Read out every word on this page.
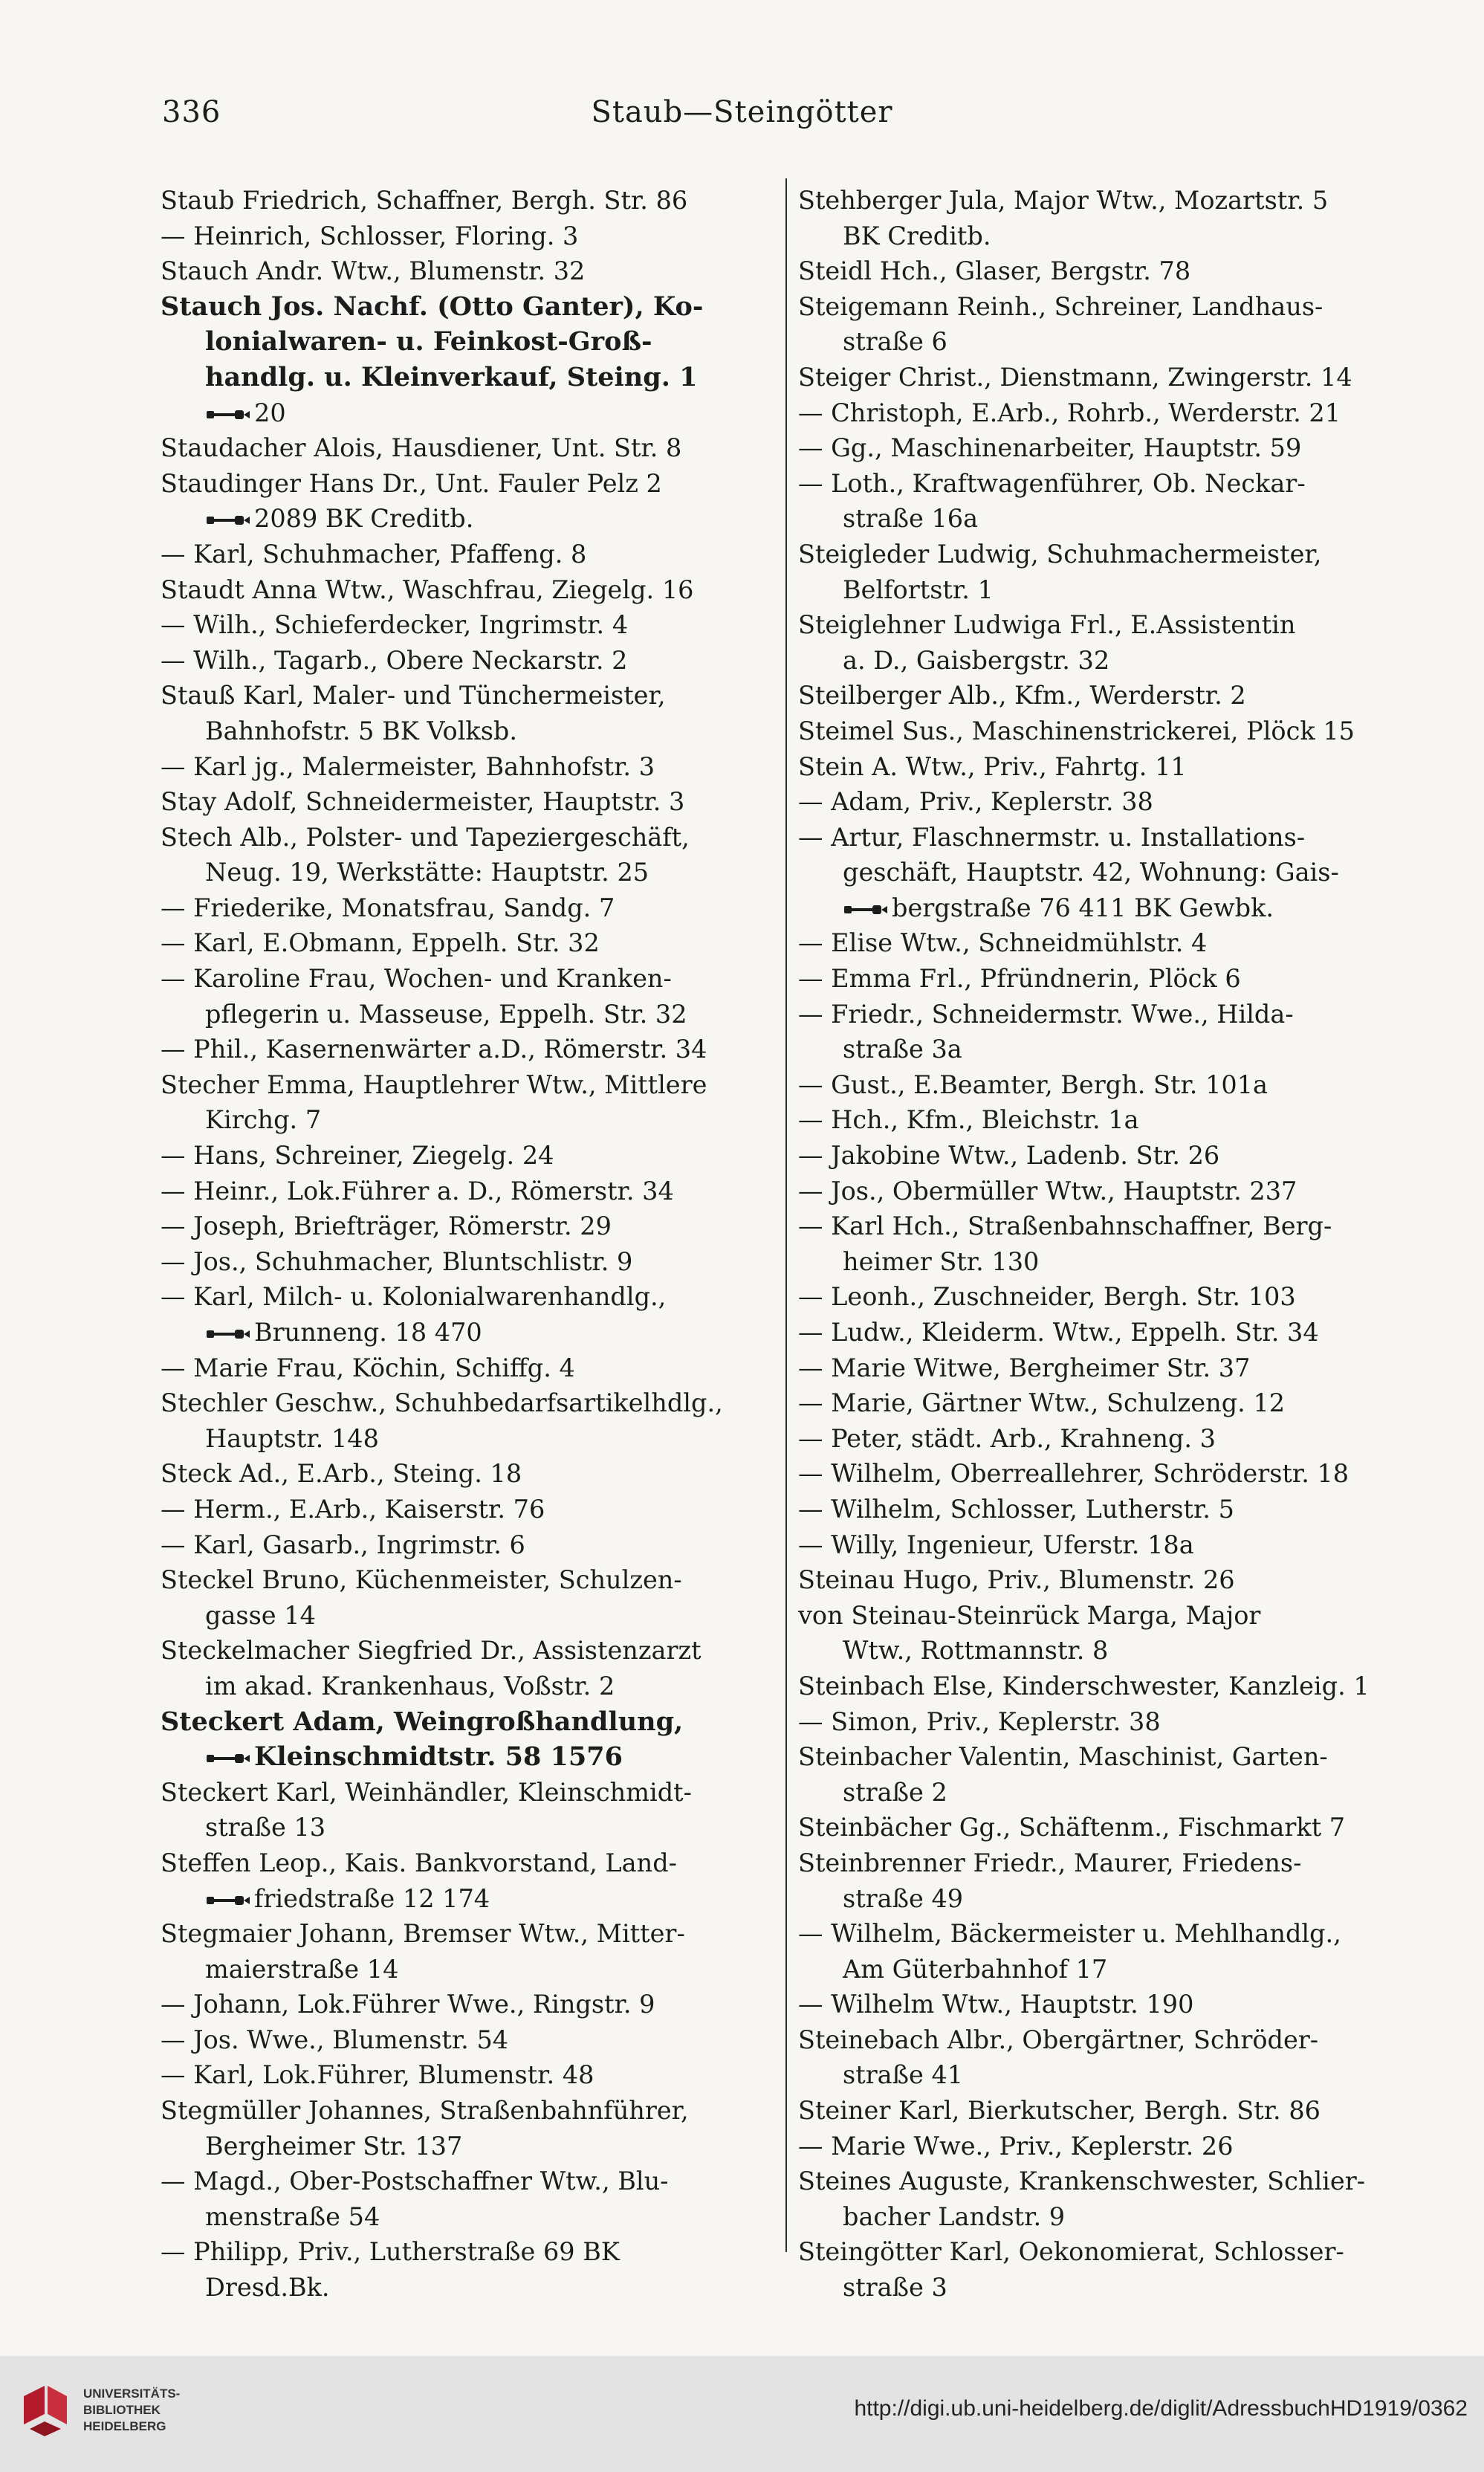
336	Staub—Steingötter
Staub Friedrich, Schaffner, Bergh. Str. 86
— Heinrich, Schlosser, Floring. 3
Stauch Andr. Wtw., Blumenstr. 32
Stauch Jos. Nachf. (Otto Ganter), Ko-
lonialwaren- u. Feinkost-Groß-
handlg. u. Kleinverkauf, Steing. 1
20
Staudacher Alois, Hausdiener, Unt. Str. 8
Staudinger Hans Dr., Unt. Fauler Pelz 2
2089 BK Creditb.
— Karl, Schuhmacher, Pfaffeng. 8
Staudt Anna Wtw., Waschfrau, Ziegelg. 16
— Wilh., Schieferdecker, Ingrimstr. 4
— Wilh., Tagarb., Obere Neckarstr. 2
Stauß Karl, Maler- und Tünchermeister,
Bahnhofstr. 5 BK Volksb.
— Karl jg., Malermeister, Bahnhofstr. 3
Stay Adolf, Schneidermeister, Hauptstr. 3
Stech Alb., Polster- und Tapeziergeschäft,
Neug. 19, Werkstätte: Hauptstr. 25
— Friederike, Monatsfrau, Sandg. 7
— Karl, E.Obmann, Eppelh. Str. 32
— Karoline Frau, Wochen- und Kranken-
pflegerin u. Masseuse, Eppelh. Str. 32
— Phil., Kasernenwärter a.D., Römerstr. 34
Stecher Emma, Hauptlehrer Wtw., Mittlere
Kirchg. 7
— Hans, Schreiner, Ziegelg. 24
— Heinr., Lok.Führer a. D., Römerstr. 34
— Joseph, Briefträger, Römerstr. 29
— Jos., Schuhmacher, Bluntschlistr. 9
— Karl, Milch- u. Kolonialwarenhandlg.,
Brunneng. 18 470
— Marie Frau, Köchin, Schiffg. 4
Stechler Geschw., Schuhbedarfsartikelhdlg.,
Hauptstr. 148
Steck Ad., E.Arb., Steing. 18
— Herm., E.Arb., Kaiserstr. 76
— Karl, Gasarb., Ingrimstr. 6
Steckel Bruno, Küchenmeister, Schulzen-
gasse 14
Steckelmacher Siegfried Dr., Assistenzarzt
im akad. Krankenhaus, Voßstr. 2
Steckert Adam, Weingroßhandlung,
Kleinschmidtstr. 58 1576
Steckert Karl, Weinhändler, Kleinschmidt-
straße 13
Steffen Leop., Kais. Bankvorstand, Land-
friedstraße 12 174
Stegmaier Johann, Bremser Wtw., Mitter-
maierstraße 14
— Johann, Lok.Führer Wwe., Ringstr. 9
— Jos. Wwe., Blumenstr. 54
— Karl, Lok.Führer, Blumenstr. 48
Stegmüller Johannes, Straßenbahnführer,
Bergheimer Str. 137
— Magd., Ober-Postschaffner Wtw., Blu-
menstraße 54
— Philipp, Priv., Lutherstraße 69 BK
Dresd.Bk.
Stehberger Jula, Major Wtw., Mozartstr. 5
BK Creditb.
Steidl Hch., Glaser, Bergstr. 78
Steigemann Reinh., Schreiner, Landhaus-
straße 6
Steiger Christ., Dienstmann, Zwingerstr. 14
— Christoph, E.Arb., Rohrb., Werderstr. 21
— Gg., Maschinenarbeiter, Hauptstr. 59
— Loth., Kraftwagenführer, Ob. Neckar-
straße 16a
Steigleder Ludwig, Schuhmachermeister,
Belfortstr. 1
Steiglehner Ludwiga Frl., E.Assistentin
a. D., Gaisbergstr. 32
Steilberger Alb., Kfm., Werderstr. 2
Steimel Sus., Maschinenstrickerei, Plöck 15
Stein A. Wtw., Priv., Fahrtg. 11
— Adam, Priv., Keplerstr. 38
— Artur, Flaschnermstr. u. Installations-
geschäft, Hauptstr. 42, Wohnung: Gais-
bergstraße 76 411 BK Gewbk.
— Elise Wtw., Schneidmühlstr. 4
— Emma Frl., Pfründnerin, Plöck 6
— Friedr., Schneidermstr. Wwe., Hilda-
straße 3a
— Gust., E.Beamter, Bergh. Str. 101a
— Hch., Kfm., Bleichstr. 1a
— Jakobine Wtw., Ladenb. Str. 26
— Jos., Obermüller Wtw., Hauptstr. 237
— Karl Hch., Straßenbahnschaffner, Berg-
heimer Str. 130
— Leonh., Zuschneider, Bergh. Str. 103
— Ludw., Kleiderm. Wtw., Eppelh. Str. 34
— Marie Witwe, Bergheimer Str. 37
— Marie, Gärtner Wtw., Schulzeng. 12
— Peter, städt. Arb., Krahneng. 3
— Wilhelm, Oberreallehrer, Schröderstr. 18
— Wilhelm, Schlosser, Lutherstr. 5
— Willy, Ingenieur, Uferstr. 18a
Steinau Hugo, Priv., Blumenstr. 26
von Steinau-Steinrück Marga, Major
Wtw., Rottmannstr. 8
Steinbach Else, Kinderschwester, Kanzleig. 1
— Simon, Priv., Keplerstr. 38
Steinbacher Valentin, Maschinist, Garten-
straße 2
Steinbächer Gg., Schäftenm., Fischmarkt 7
Steinbrenner Friedr., Maurer, Friedens-
straße 49
— Wilhelm, Bäckermeister u. Mehlhandlg.,
Am Güterbahnhof 17
— Wilhelm Wtw., Hauptstr. 190
Steinebach Albr., Obergärtner, Schröder-
straße 41
Steiner Karl, Bierkutscher, Bergh. Str. 86
— Marie Wwe., Priv., Keplerstr. 26
Steines Auguste, Krankenschwester, Schlier-
bacher Landstr. 9
Steingötter Karl, Oekonomierat, Schlosser-
straße 3
UNIVERSITÄTS-
BIBLIOTHEK
HEIDELBERG
http://digi.ub.uni-heidelberg.de/diglit/AdressbuchHD1919/0362
